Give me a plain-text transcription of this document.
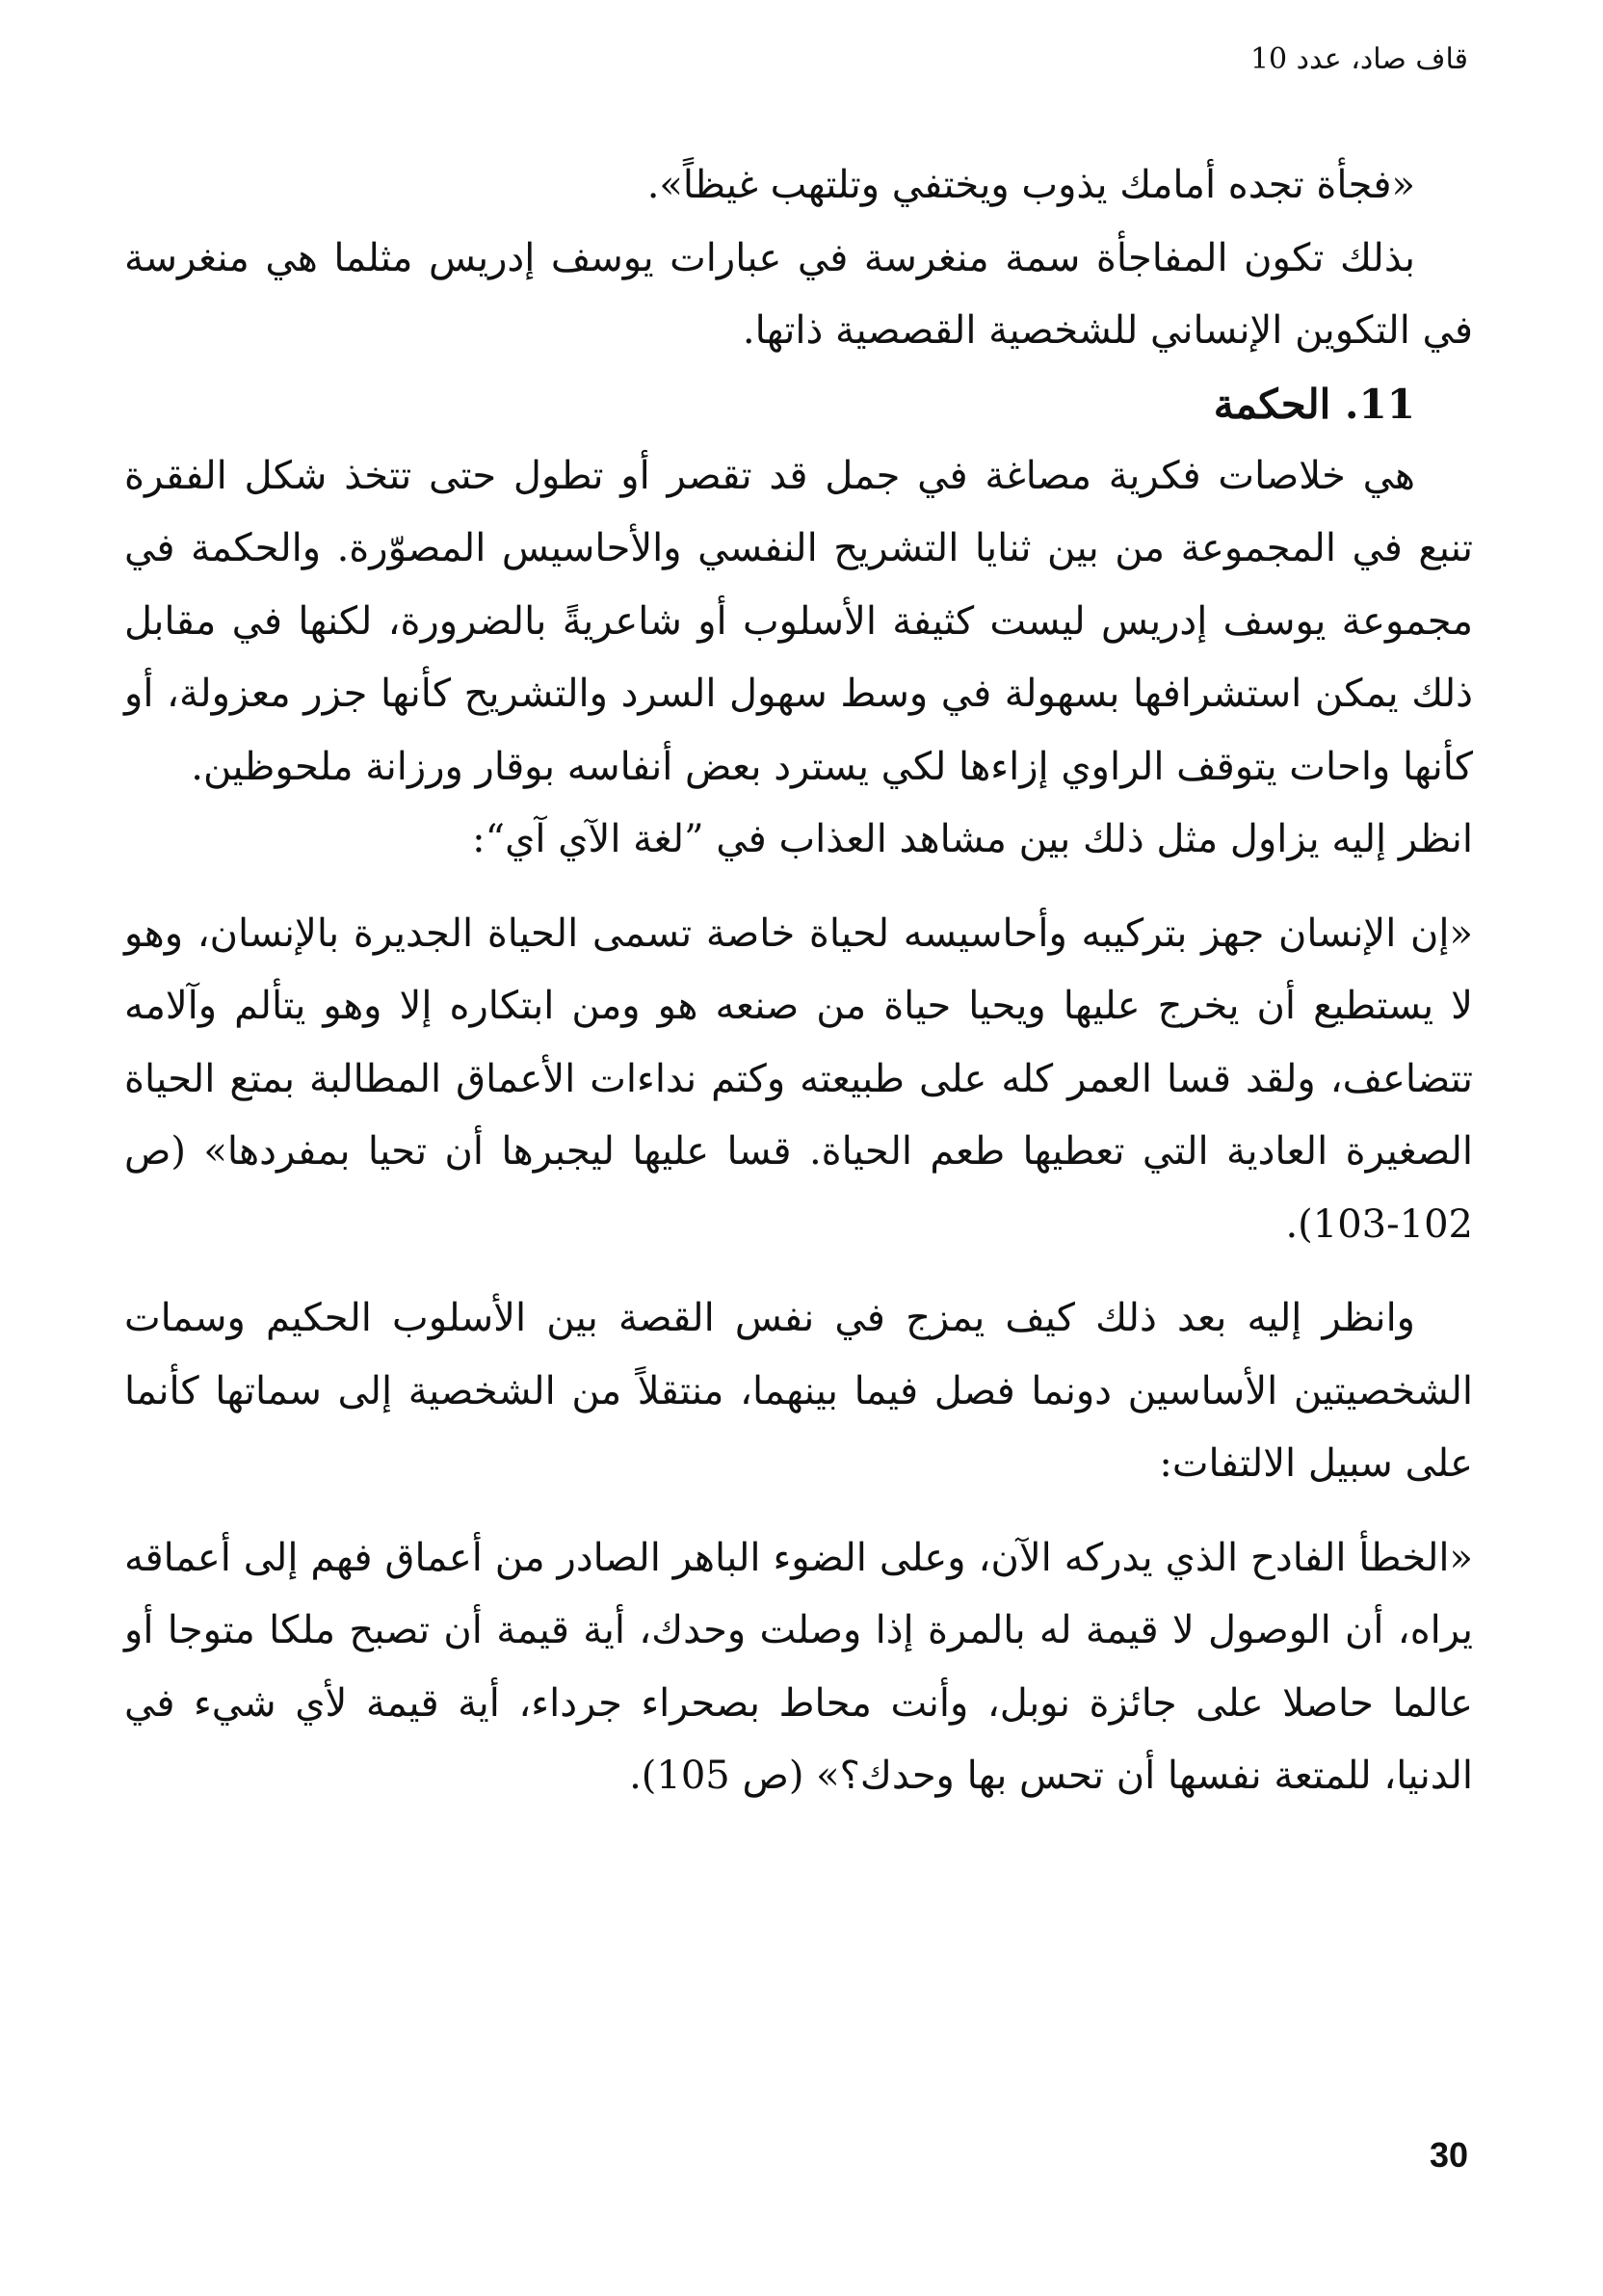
قاف صاد، عدد 10

«فجأة تجده أمامك يذوب ويختفي وتلتهب غيظاً».

بذلك تكون المفاجأة سمة منغرسة في عبارات يوسف إدريس مثلما هي منغرسة في التكوين الإنساني للشخصية القصصية ذاتها.

11. الحكمة

هي خلاصات فكرية مصاغة في جمل قد تقصر أو تطول حتى تتخذ شكل الفقرة تنبع في المجموعة من بين ثنايا التشريح النفسي والأحاسيس المصوّرة. والحكمة في مجموعة يوسف إدريس ليست كثيفة الأسلوب أو شاعريةً بالضرورة، لكنها في مقابل ذلك يمكن استشرافها بسهولة في وسط سهول السرد والتشريح كأنها جزر معزولة، أو كأنها واحات يتوقف الراوي إزاءها لكي يسترد بعض أنفاسه بوقار ورزانة ملحوظين.

انظر إليه يزاول مثل ذلك بين مشاهد العذاب في ”لغة الآي آي“:

«إن الإنسان جهز بتركيبه وأحاسيسه لحياة خاصة تسمى الحياة الجديرة بالإنسان، وهو لا يستطيع أن يخرج عليها ويحيا حياة من صنعه هو ومن ابتكاره إلا وهو يتألم وآلامه تتضاعف، ولقد قسا العمر كله على طبيعته وكتم نداءات الأعماق المطالبة بمتع الحياة الصغيرة العادية التي تعطيها طعم الحياة. قسا عليها ليجبرها أن تحيا بمفردها» (ص 102-103).

وانظر إليه بعد ذلك كيف يمزج في نفس القصة بين الأسلوب الحكيم وسمات الشخصيتين الأساسين دونما فصل فيما بينهما، منتقلاً من الشخصية إلى سماتها كأنما على سبيل الالتفات:

«الخطأ الفادح الذي يدركه الآن، وعلى الضوء الباهر الصادر من أعماق فهم إلى أعماقه يراه، أن الوصول لا قيمة له بالمرة إذا وصلت وحدك، أية قيمة أن تصبح ملكا متوجا أو عالما حاصلا على جائزة نوبل، وأنت محاط بصحراء جرداء، أية قيمة لأي شيء في الدنيا، للمتعة نفسها أن تحس بها وحدك؟» (ص 105).

30
